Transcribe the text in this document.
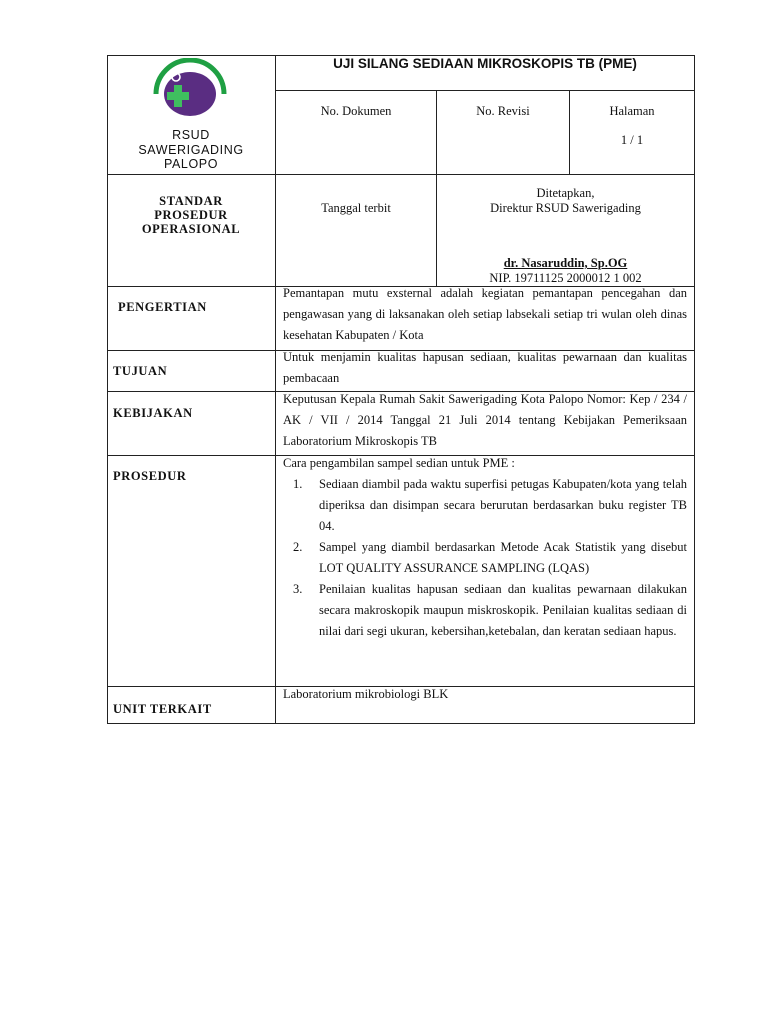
RSUD
SAWERIGADING
PALOPO
UJI SILANG SEDIAAN MIKROSKOPIS TB (PME)
No. Dokumen	No. Revisi	Halaman
1 / 1
STANDAR
PROSEDUR
OPERASIONAL
Tanggal terbit
Ditetapkan,
Direktur RSUD Sawerigading
dr. Nasaruddin, Sp.OG
NIP. 19711125 2000012 1 002
PENGERTIAN
Pemantapan mutu exsternal adalah kegiatan pemantapan pencegahan dan pengawasan yang di laksanakan oleh setiap labsekali setiap tri wulan oleh dinas kesehatan Kabupaten / Kota
TUJUAN
Untuk menjamin kualitas hapusan sediaan, kualitas pewarnaan dan kualitas pembacaan
KEBIJAKAN
Keputusan Kepala Rumah Sakit Sawerigading Kota Palopo Nomor: Kep / 234 / AK / VII / 2014 Tanggal 21 Juli 2014 tentang Kebijakan Pemeriksaan Laboratorium Mikroskopis TB
PROSEDUR
Cara pengambilan sampel sedian untuk PME :
1. Sediaan diambil pada waktu superfisi petugas Kabupaten/kota yang telah diperiksa dan disimpan secara berurutan berdasarkan buku register TB 04.
2. Sampel yang diambil berdasarkan Metode Acak Statistik yang disebut LOT QUALITY ASSURANCE SAMPLING (LQAS)
3. Penilaian kualitas hapusan sediaan dan kualitas pewarnaan dilakukan secara makroskopik maupun miskroskopik. Penilaian kualitas sediaan di nilai dari segi ukuran, kebersihan,ketebalan, dan keratan sediaan hapus.
UNIT TERKAIT
Laboratorium mikrobiologi BLK
